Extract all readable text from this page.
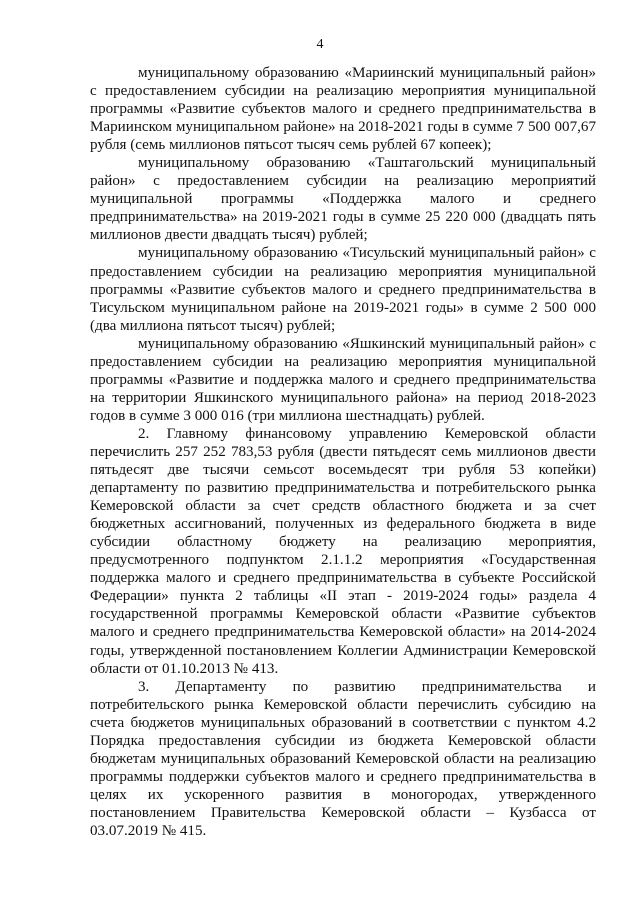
4

муниципальному образованию «Мариинский муниципальный район» с предоставлением субсидии на реализацию мероприятия муниципальной программы «Развитие субъектов малого и среднего предпринимательства в Мариинском муниципальном районе» на 2018-2021 годы в сумме 7 500 007,67 рубля (семь миллионов пятьсот тысяч семь рублей 67 копеек);

муниципальному образованию «Таштагольский муниципальный район» с предоставлением субсидии на реализацию мероприятий муниципальной программы «Поддержка малого и среднего предпринимательства» на 2019-2021 годы в сумме 25 220 000 (двадцать пять миллионов двести двадцать тысяч) рублей;

муниципальному образованию «Тисульский муниципальный район» с предоставлением субсидии на реализацию мероприятия муниципальной программы «Развитие субъектов малого и среднего предпринимательства в Тисульском муниципальном районе на 2019-2021 годы» в сумме 2 500 000 (два миллиона пятьсот тысяч) рублей;

муниципальному образованию «Яшкинский муниципальный район» с предоставлением субсидии на реализацию мероприятия муниципальной программы «Развитие и поддержка малого и среднего предпринимательства на территории Яшкинского муниципального района» на период 2018-2023 годов в сумме 3 000 016 (три миллиона шестнадцать) рублей.

2. Главному финансовому управлению Кемеровской области перечислить 257 252 783,53 рубля (двести пятьдесят семь миллионов двести пятьдесят две тысячи семьсот восемьдесят три рубля 53 копейки) департаменту по развитию предпринимательства и потребительского рынка Кемеровской области за счет средств областного бюджета и за счет бюджетных ассигнований, полученных из федерального бюджета в виде субсидии областному бюджету на реализацию мероприятия, предусмотренного подпунктом 2.1.1.2 мероприятия «Государственная поддержка малого и среднего предпринимательства в субъекте Российской Федерации» пункта 2 таблицы «II этап - 2019-2024 годы» раздела 4 государственной программы Кемеровской области «Развитие субъектов малого и среднего предпринимательства Кемеровской области» на 2014-2024 годы, утвержденной постановлением Коллегии Администрации Кемеровской области от 01.10.2013 № 413.

3. Департаменту по развитию предпринимательства и потребительского рынка Кемеровской области перечислить субсидию на счета бюджетов муниципальных образований в соответствии с пунктом 4.2 Порядка предоставления субсидии из бюджета Кемеровской области бюджетам муниципальных образований Кемеровской области на реализацию программы поддержки субъектов малого и среднего предпринимательства в целях их ускоренного развития в моногородах, утвержденного постановлением Правительства Кемеровской области – Кузбасса от 03.07.2019 № 415.
